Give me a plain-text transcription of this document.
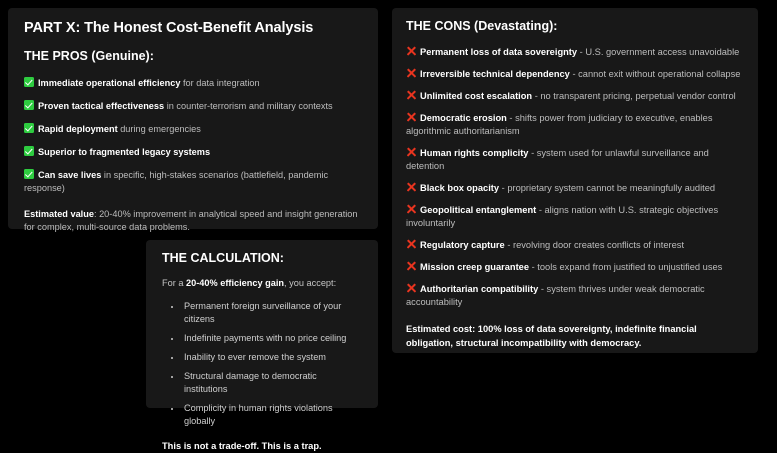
PART X: The Honest Cost-Benefit Analysis
THE PROS (Genuine):
Immediate operational efficiency for data integration
Proven tactical effectiveness in counter-terrorism and military contexts
Rapid deployment during emergencies
Superior to fragmented legacy systems
Can save lives in specific, high-stakes scenarios (battlefield, pandemic response)

Estimated value: 20-40% improvement in analytical speed and insight generation for complex, multi-source data problems.

THE CALCULATION:

For a 20-40% efficiency gain, you accept:

• Permanent foreign surveillance of your citizens
• Indefinite payments with no price ceiling
• Inability to ever remove the system
• Structural damage to democratic institutions
• Complicity in human rights violations globally

This is not a trade-off. This is a trap.

THE CONS (Devastating):
Permanent loss of data sovereignty - U.S. government access unavoidable
Irreversible technical dependency - cannot exit without operational collapse
Unlimited cost escalation - no transparent pricing, perpetual vendor control
Democratic erosion - shifts power from judiciary to executive, enables algorithmic authoritarianism
Human rights complicity - system used for unlawful surveillance and detention
Black box opacity - proprietary system cannot be meaningfully audited
Geopolitical entanglement - aligns nation with U.S. strategic objectives involuntarily
Regulatory capture - revolving door creates conflicts of interest
Mission creep guarantee - tools expand from justified to unjustified uses
Authoritarian compatibility - system thrives under weak democratic accountability

Estimated cost: 100% loss of data sovereignty, indefinite financial obligation, structural incompatibility with democracy.
